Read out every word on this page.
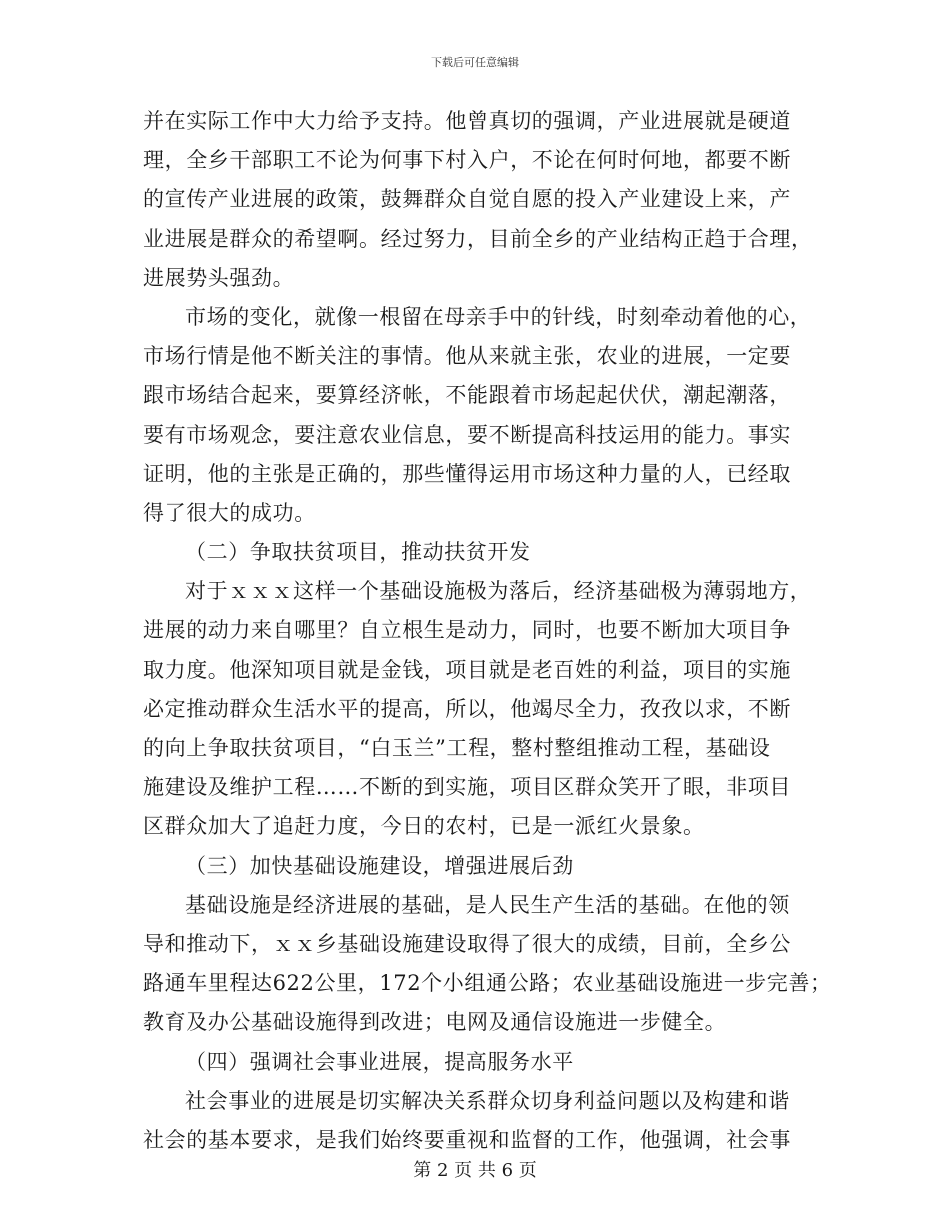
下载后可任意编辑
并在实际工作中大力给予支持。他曾真切的强调，产业进展就是硬道
理，全乡干部职工不论为何事下村入户，不论在何时何地，都要不断
的宣传产业进展的政策，鼓舞群众自觉自愿的投入产业建设上来，产
业进展是群众的希望啊。经过努力，目前全乡的产业结构正趋于合理，
进展势头强劲。
市场的变化，就像一根留在母亲手中的针线，时刻牵动着他的心，
市场行情是他不断关注的事情。他从来就主张，农业的进展，一定要
跟市场结合起来，要算经济帐，不能跟着市场起起伏伏，潮起潮落，
要有市场观念，要注意农业信息，要不断提高科技运用的能力。事实
证明，他的主张是正确的，那些懂得运用市场这种力量的人，已经取
得了很大的成功。
（二）争取扶贫项目，推动扶贫开发
对于ｘｘｘ这样一个基础设施极为落后，经济基础极为薄弱地方，
进展的动力来自哪里？自立根生是动力，同时，也要不断加大项目争
取力度。他深知项目就是金钱，项目就是老百姓的利益，项目的实施
必定推动群众生活水平的提高，所以，他竭尽全力，孜孜以求，不断
的向上争取扶贫项目，“白玉兰”工程，整村整组推动工程，基础设
施建设及维护工程……不断的到实施，项目区群众笑开了眼，非项目
区群众加大了追赶力度，今日的农村，已是一派红火景象。
（三）加快基础设施建设，增强进展后劲
基础设施是经济进展的基础，是人民生产生活的基础。在他的领
导和推动下，ｘｘ乡基础设施建设取得了很大的成绩，目前，全乡公
路通车里程达622公里，172个小组通公路；农业基础设施进一步完善；
教育及办公基础设施得到改进；电网及通信设施进一步健全。
（四）强调社会事业进展，提高服务水平
社会事业的进展是切实解决关系群众切身利益问题以及构建和谐
社会的基本要求，是我们始终要重视和监督的工作，他强调，社会事
第 2 页 共 6 页
